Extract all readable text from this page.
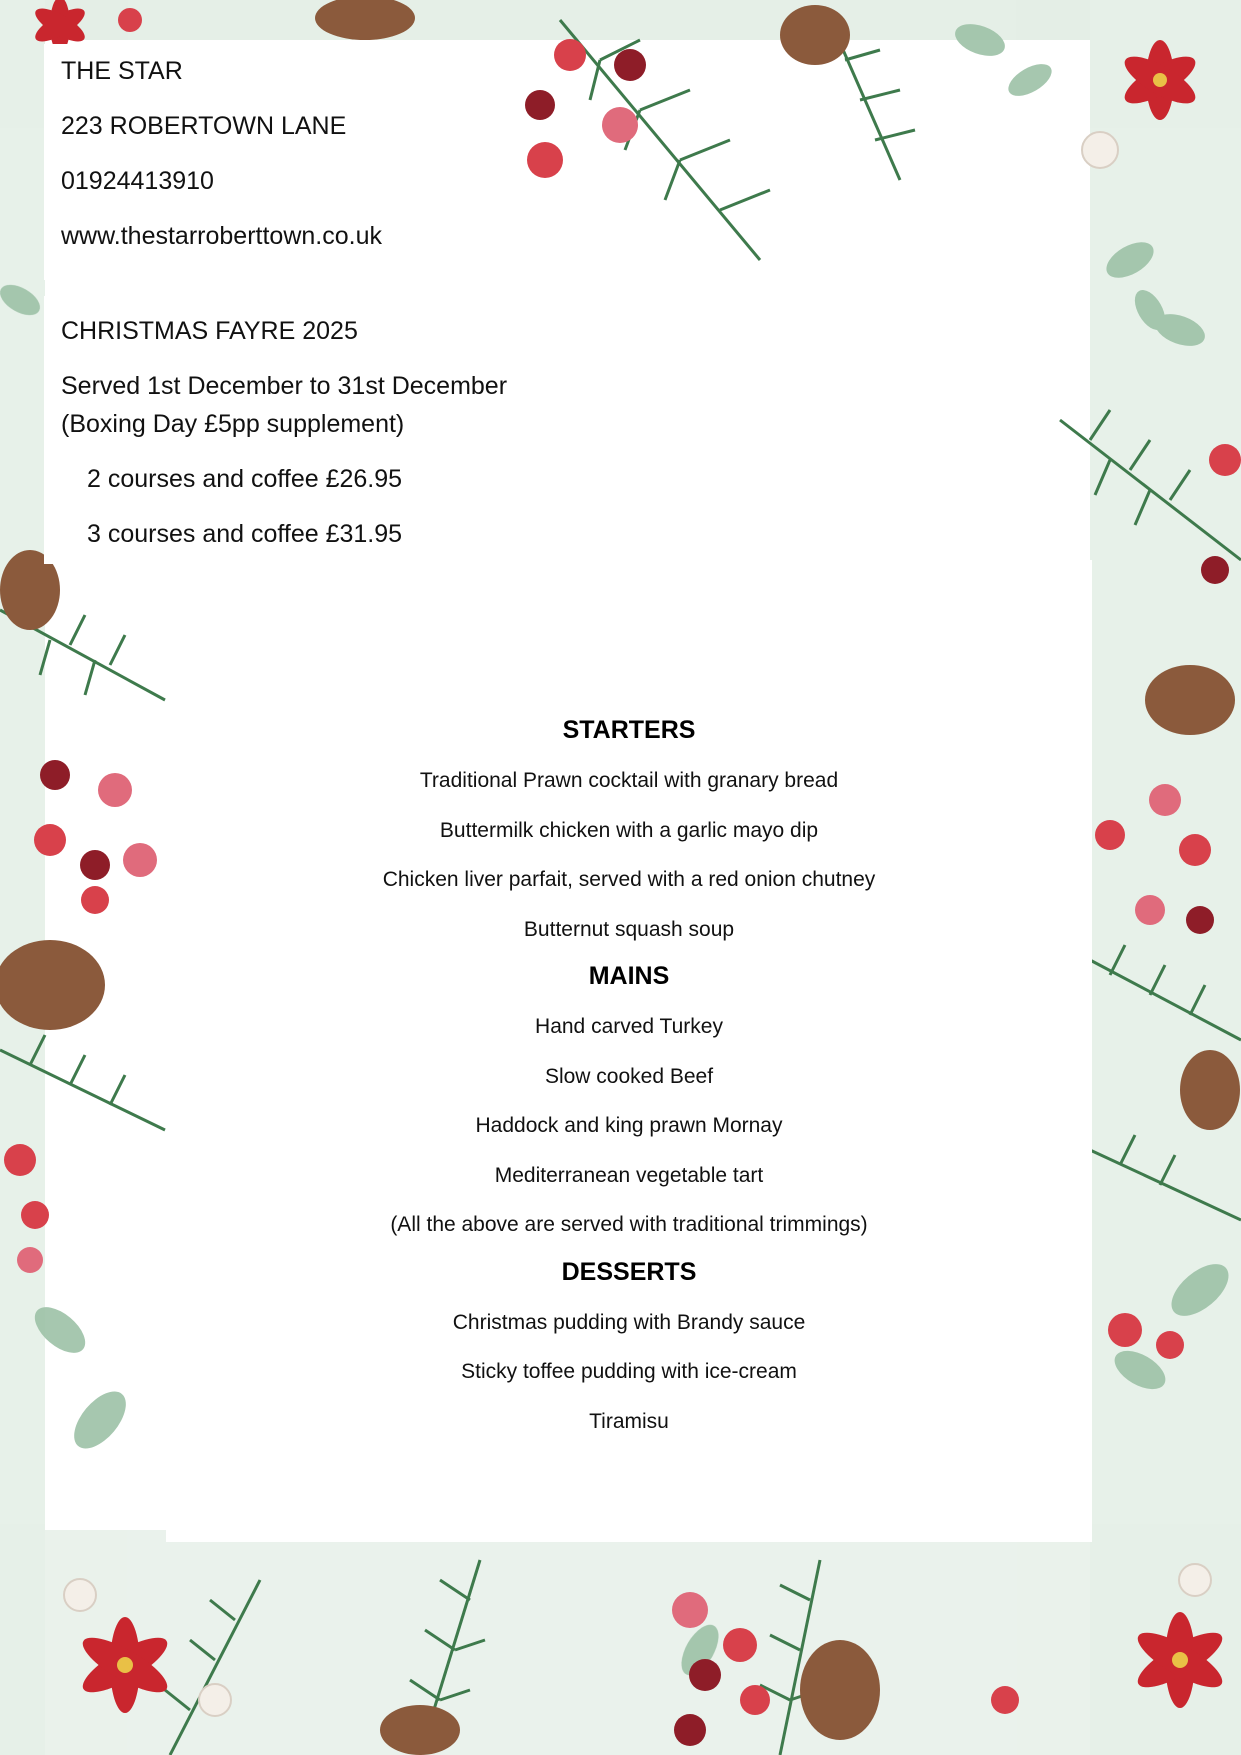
THE STAR
223 ROBERTOWN LANE
01924413910
www.thestarroberttown.co.uk
CHRISTMAS FAYRE 2025
Served 1st December to 31st December
(Boxing Day £5pp supplement)
2 courses and coffee £26.95
3 courses and coffee £31.95
STARTERS
Traditional Prawn cocktail with granary bread
Buttermilk chicken with a garlic mayo dip
Chicken liver parfait, served with a red onion chutney
Butternut squash soup
MAINS
Hand carved Turkey
Slow cooked Beef
Haddock and king prawn Mornay
Mediterranean vegetable tart
(All the above are served with traditional trimmings)
DESSERTS
Christmas pudding with Brandy sauce
Sticky toffee pudding with ice-cream
Tiramisu
